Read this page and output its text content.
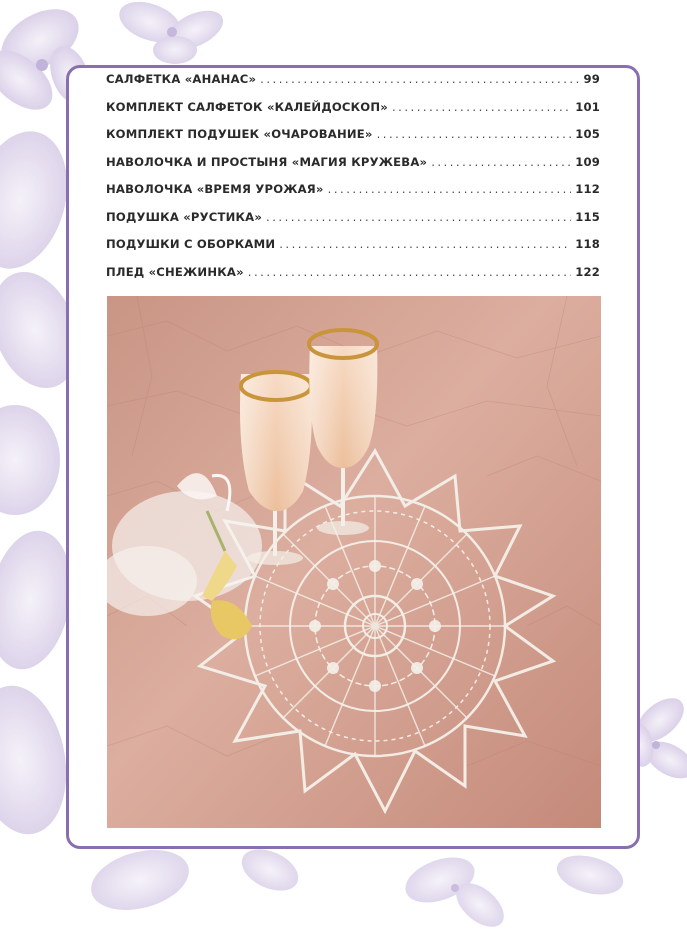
САЛФЕТКА «АНАНАС» .....	99
КОМПЛЕКТ САЛФЕТОК «КАЛЕЙДОСКОП» .....	101
КОМПЛЕКТ ПОДУШЕК «ОЧАРОВАНИЕ» .....	105
НАВОЛОЧКА И ПРОСТЫНЯ «МАГИЯ КРУЖЕВА» .....	109
НАВОЛОЧКА «ВРЕМЯ УРОЖАЯ» .....	112
ПОДУШКА «РУСТИКА» .....	115
ПОДУШКИ С ОБОРКАМИ .....	118
ПЛЕД «СНЕЖИНКА» .....	122
